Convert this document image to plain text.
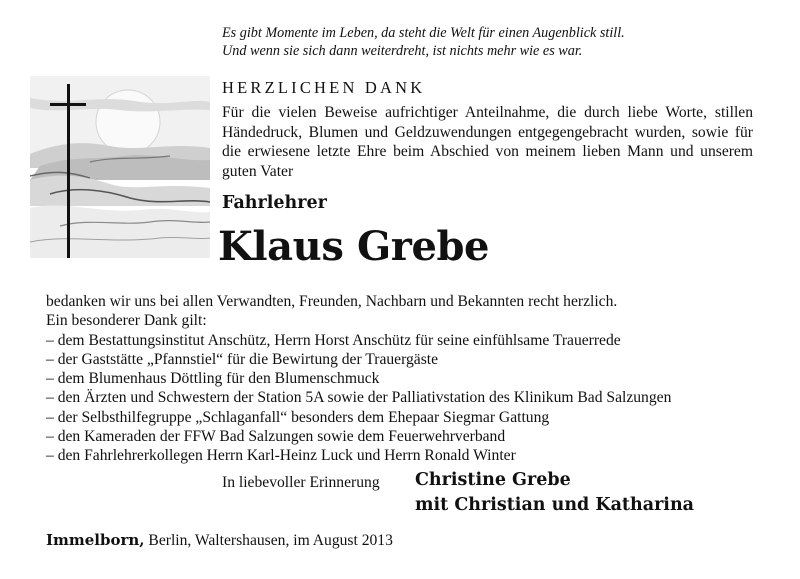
Es gibt Momente im Leben, da steht die Welt für einen Augenblick still.
Und wenn sie sich dann weiterdreht, ist nichts mehr wie es war.
HERZLICHEN DANK
Für die vielen Beweise aufrichtiger Anteilnahme, die durch liebe Worte, stillen Händedruck, Blumen und Geldzuwendungen entgegengebracht wurden, sowie für die erwiesene letzte Ehre beim Abschied von meinem lieben Mann und unserem guten Vater
Fahrlehrer
Klaus Grebe
bedanken wir uns bei allen Verwandten, Freunden, Nachbarn und Bekannten recht herzlich.
Ein besonderer Dank gilt:
– dem Bestattungsinstitut Anschütz, Herrn Horst Anschütz für seine einfühlsame Trauerrede
– der Gaststätte „Pfannstiel“ für die Bewirtung der Trauergäste
– dem Blumenhaus Döttling für den Blumenschmuck
– den Ärzten und Schwestern der Station 5A sowie der Palliativstation des Klinikum Bad Salzungen
– der Selbsthilfegruppe „Schlaganfall“ besonders dem Ehepaar Siegmar Gattung
– den Kameraden der FFW Bad Salzungen sowie dem Feuerwehrverband
– den Fahrlehrerkollegen Herrn Karl-Heinz Luck und Herrn Ronald Winter
In liebevoller Erinnerung Christine Grebe
mit Christian und Katharina
Immelborn, Berlin, Waltershausen, im August 2013
